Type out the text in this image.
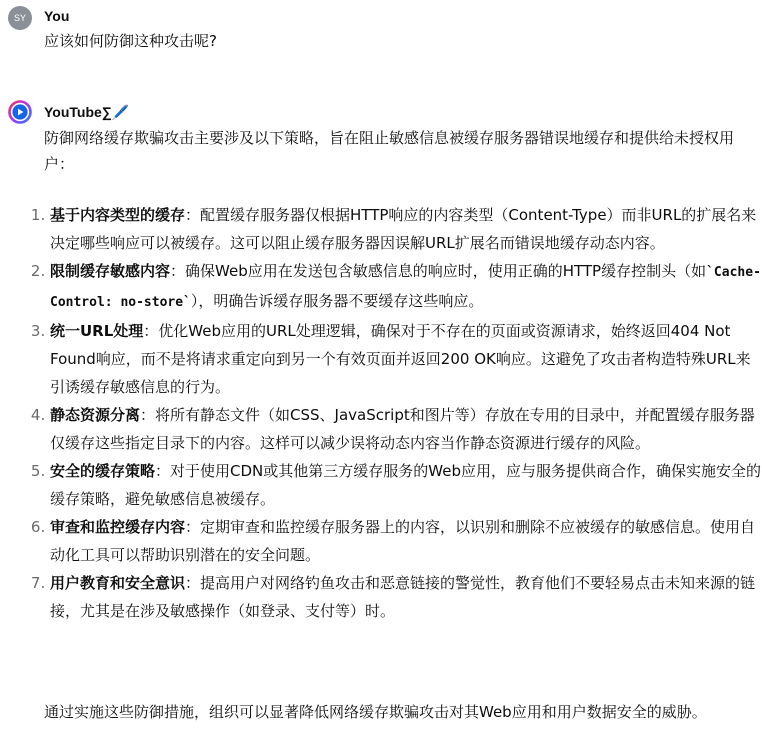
SY You
应该如何防御这种攻击呢?
YouTube∑🖊️
防御网络缓存欺骗攻击主要涉及以下策略，旨在阻止敏感信息被缓存服务器错误地缓存和提供给未授权用户：
1. 基于内容类型的缓存：配置缓存服务器仅根据HTTP响应的内容类型（Content-Type）而非URL的扩展名来决定哪些响应可以被缓存。这可以阻止缓存服务器因误解URL扩展名而错误地缓存动态内容。
2. 限制缓存敏感内容：确保Web应用在发送包含敏感信息的响应时，使用正确的HTTP缓存控制头（如`Cache-Control: no-store`），明确告诉缓存服务器不要缓存这些响应。
3. 统一URL处理：优化Web应用的URL处理逻辑，确保对于不存在的页面或资源请求，始终返回404 Not Found响应，而不是将请求重定向到另一个有效页面并返回200 OK响应。这避免了攻击者构造特殊URL来引诱缓存敏感信息的行为。
4. 静态资源分离：将所有静态文件（如CSS、JavaScript和图片等）存放在专用的目录中，并配置缓存服务器仅缓存这些指定目录下的内容。这样可以减少误将动态内容当作静态资源进行缓存的风险。
5. 安全的缓存策略：对于使用CDN或其他第三方缓存服务的Web应用，应与服务提供商合作，确保实施安全的缓存策略，避免敏感信息被缓存。
6. 审查和监控缓存内容：定期审查和监控缓存服务器上的内容，以识别和删除不应被缓存的敏感信息。使用自动化工具可以帮助识别潜在的安全问题。
7. 用户教育和安全意识：提高用户对网络钓鱼攻击和恶意链接的警觉性，教育他们不要轻易点击未知来源的链接，尤其是在涉及敏感操作（如登录、支付等）时。
通过实施这些防御措施，组织可以显著降低网络缓存欺骗攻击对其Web应用和用户数据安全的威胁。
